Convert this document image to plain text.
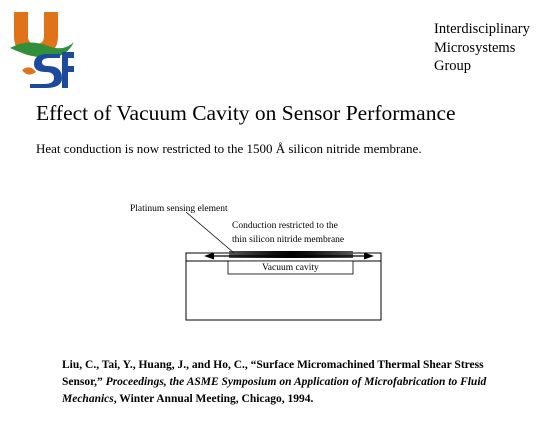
Interdisciplinary
Microsystems
Group
Effect of Vacuum Cavity on Sensor Performance
Heat conduction is now restricted to the 1500 Å silicon nitride membrane.
Platinum sensing element
Conduction restricted to the
thin silicon nitride membrane
Vacuum cavity
Liu, C., Tai, Y., Huang, J., and Ho, C., “Surface Micromachined Thermal Shear Stress Sensor,” Proceedings, the ASME Symposium on Application of Microfabrication to Fluid Mechanics, Winter Annual Meeting, Chicago, 1994.
